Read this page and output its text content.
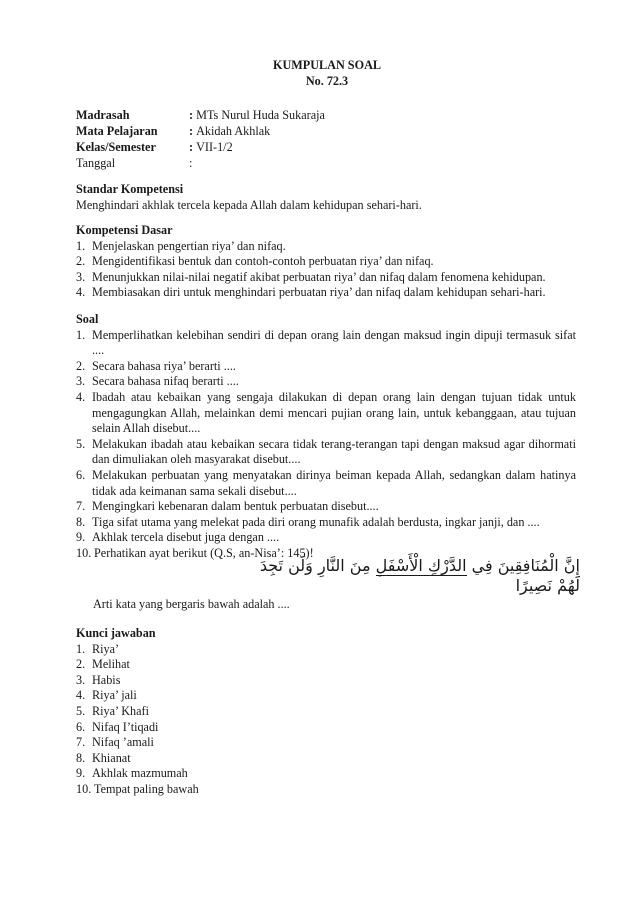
KUMPULAN SOAL
No. 72.3
Madrasah	: MTs Nurul Huda Sukaraja
Mata Pelajaran	: Akidah Akhlak
Kelas/Semester	: VII-1/2
Tanggal	:
Standar Kompetensi
Menghindari akhlak tercela kepada Allah dalam kehidupan sehari-hari.
Kompetensi Dasar
1. Menjelaskan pengertian riya’ dan nifaq.
2. Mengidentifikasi bentuk dan contoh-contoh perbuatan riya’ dan nifaq.
3. Menunjukkan nilai-nilai negatif akibat perbuatan riya’ dan nifaq dalam fenomena kehidupan.
4. Membiasakan diri untuk menghindari perbuatan riya’ dan nifaq dalam kehidupan sehari-hari.
Soal
1. Memperlihatkan kelebihan sendiri di depan orang lain dengan maksud ingin dipuji termasuk sifat ....
2. Secara bahasa riya’ berarti ....
3. Secara bahasa nifaq berarti ....
4. Ibadah atau kebaikan yang sengaja dilakukan di depan orang lain dengan tujuan tidak untuk mengagungkan Allah, melainkan demi mencari pujian orang lain, untuk kebanggaan, atau tujuan selain Allah disebut....
5. Melakukan ibadah atau kebaikan secara tidak terang-terangan tapi dengan maksud agar dihormati dan dimuliakan oleh masyarakat disebut....
6. Melakukan perbuatan yang menyatakan dirinya beiman kepada Allah, sedangkan dalam hatinya tidak ada keimanan sama sekali disebut....
7. Mengingkari kebenaran dalam bentuk perbuatan disebut....
8. Tiga sifat utama yang melekat pada diri orang munafik adalah berdusta, ingkar janji, dan ....
9. Akhlak tercela disebut juga dengan ....
10. Perhatikan ayat berikut (Q.S, an-Nisa’: 145)!
إِنَّ الْمُنَافِقِينَ فِي الدَّرْكِ الْأَسْفَلِ مِنَ النَّارِ وَلَن تَجِدَ لَهُمْ نَصِيرًا
Arti kata yang bergaris bawah adalah ....
Kunci jawaban
1. Riya’
2. Melihat
3. Habis
4. Riya’ jali
5. Riya’ Khafi
6. Nifaq I’tiqadi
7. Nifaq ’amali
8. Khianat
9. Akhlak mazmumah
10. Tempat paling bawah
